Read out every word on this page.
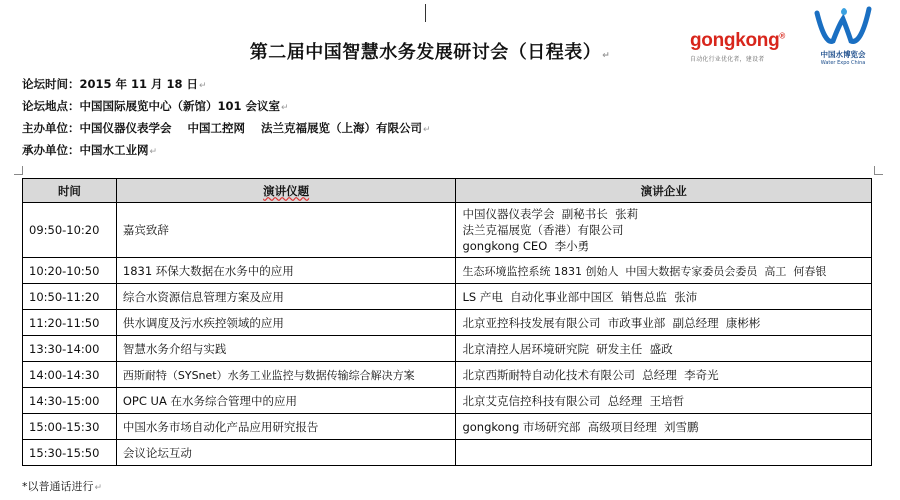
第二届中国智慧水务发展研讨会（日程表）↵
gongkong®
自动化行业优化者，建设者
中国水博览会
Water Expo China
论坛时间：2015 年 11 月 18 日↵
论坛地点：中国国际展览中心（新馆）101 会议室↵
主办单位：中国仪器仪表学会    中国工控网    法兰克福展览（上海）有限公司↵
承办单位：中国水工业网↵
时间	演讲仪题	演讲企业
09:50-10:20	嘉宾致辞	中国仪器仪表学会  副秘书长  张莉
法兰克福展览（香港）有限公司
gongkong CEO  李小勇

10:20-10:50	1831 环保大数据在水务中的应用	生态环境监控系统 1831 创始人  中国大数据专家委员会委员  高工  何春银
10:50-11:20	综合水资源信息管理方案及应用	LS 产电  自动化事业部中国区  销售总监  张沛
11:20-11:50	供水调度及污水疾控领域的应用	北京亚控科技发展有限公司  市政事业部  副总经理  康彬彬
13:30-14:00	智慧水务介绍与实践	北京清控人居环境研究院  研发主任  盛政
14:00-14:30	西斯耐特（SYSnet）水务工业监控与数据传输综合解决方案	北京西斯耐特自动化技术有限公司  总经理  李奇光
14:30-15:00	OPC UA 在水务综合管理中的应用	北京艾克信控科技有限公司  总经理  王培哲
15:00-15:30	中国水务市场自动化产品应用研究报告	gongkong 市场研究部  高级项目经理  刘雪鹏
15:30-15:50	会议论坛互动	
*以普通话进行↵
